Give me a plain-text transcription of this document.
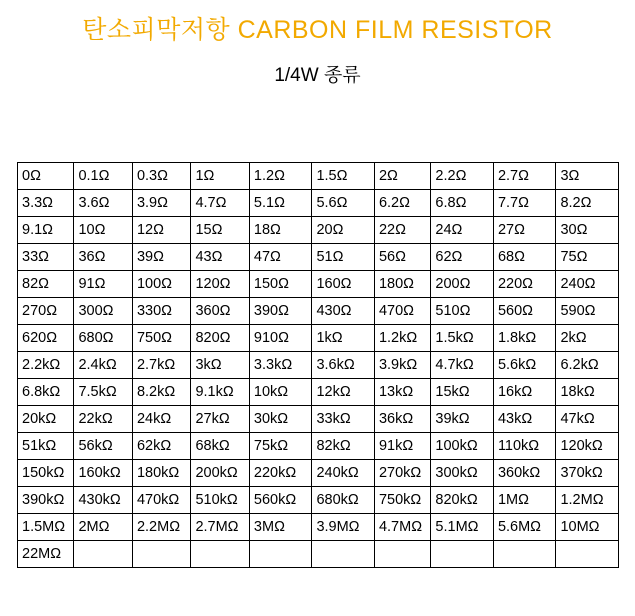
탄소피막저항 CARBON FILM RESISTOR
1/4W 종류
0Ω	0.1Ω	0.3Ω	1Ω	1.2Ω	1.5Ω	2Ω	2.2Ω	2.7Ω	3Ω
3.3Ω	3.6Ω	3.9Ω	4.7Ω	5.1Ω	5.6Ω	6.2Ω	6.8Ω	7.7Ω	8.2Ω
9.1Ω	10Ω	12Ω	15Ω	18Ω	20Ω	22Ω	24Ω	27Ω	30Ω
33Ω	36Ω	39Ω	43Ω	47Ω	51Ω	56Ω	62Ω	68Ω	75Ω
82Ω	91Ω	100Ω	120Ω	150Ω	160Ω	180Ω	200Ω	220Ω	240Ω
270Ω	300Ω	330Ω	360Ω	390Ω	430Ω	470Ω	510Ω	560Ω	590Ω
620Ω	680Ω	750Ω	820Ω	910Ω	1kΩ	1.2kΩ	1.5kΩ	1.8kΩ	2kΩ
2.2kΩ	2.4kΩ	2.7kΩ	3kΩ	3.3kΩ	3.6kΩ	3.9kΩ	4.7kΩ	5.6kΩ	6.2kΩ
6.8kΩ	7.5kΩ	8.2kΩ	9.1kΩ	10kΩ	12kΩ	13kΩ	15kΩ	16kΩ	18kΩ
20kΩ	22kΩ	24kΩ	27kΩ	30kΩ	33kΩ	36kΩ	39kΩ	43kΩ	47kΩ
51kΩ	56kΩ	62kΩ	68kΩ	75kΩ	82kΩ	91kΩ	100kΩ	110kΩ	120kΩ
150kΩ	160kΩ	180kΩ	200kΩ	220kΩ	240kΩ	270kΩ	300kΩ	360kΩ	370kΩ
390kΩ	430kΩ	470kΩ	510kΩ	560kΩ	680kΩ	750kΩ	820kΩ	1MΩ	1.2MΩ
1.5MΩ	2MΩ	2.2MΩ	2.7MΩ	3MΩ	3.9MΩ	4.7MΩ	5.1MΩ	5.6MΩ	10MΩ
22MΩ									
